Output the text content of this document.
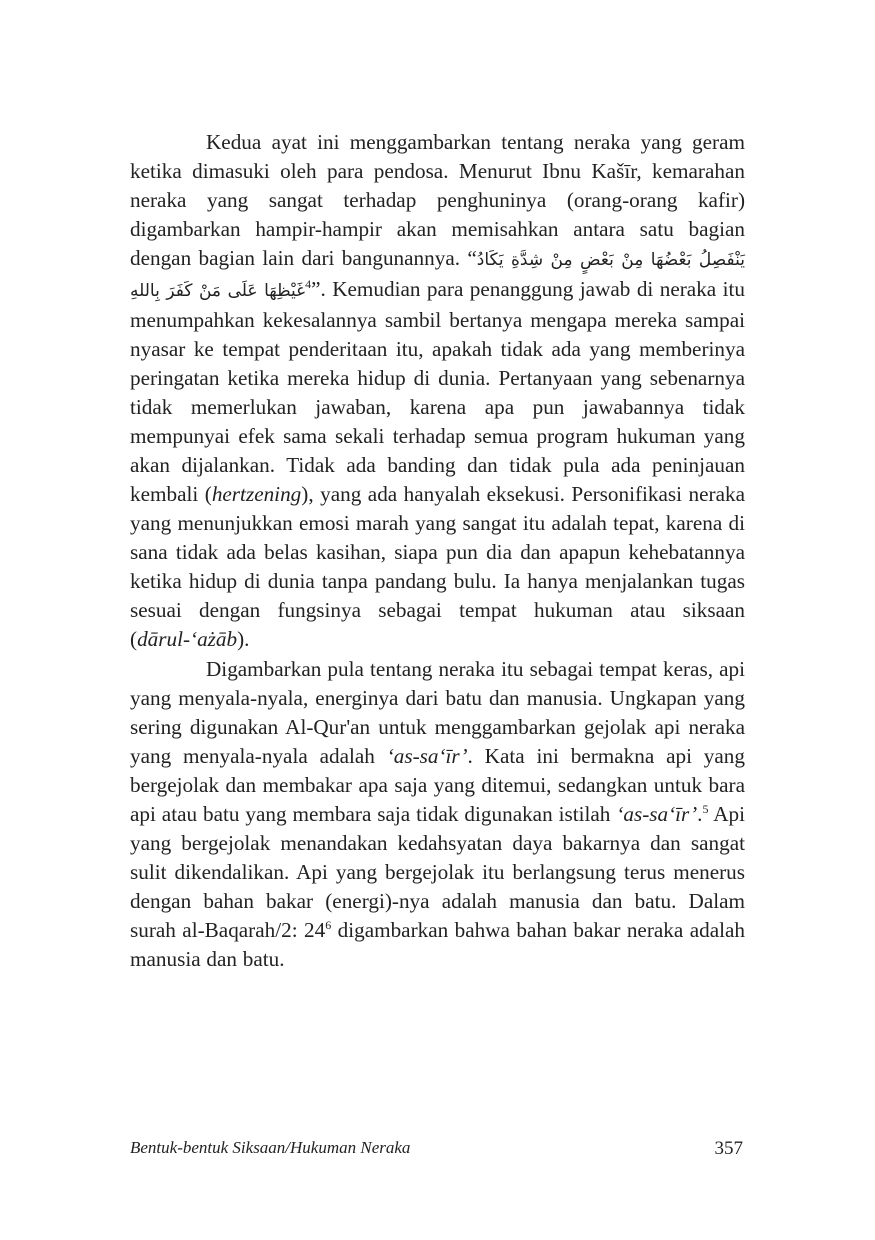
Kedua ayat ini menggambarkan tentang neraka yang geram ketika dimasuki oleh para pendosa. Menurut Ibnu Kašīr, kemarahan neraka yang sangat terhadap penghuninya (orang-orang kafir) digambarkan hampir-hampir akan memisahkan antara satu bagian dengan bagian lain dari bangunannya. “يَكَادُ يَنْفَصِلُ بَعْضُهَا مِنْ بَعْضٍ مِنْ شِدَّةِ غَيْظِهَا عَلَى مَنْ كَفَرَ بِاللهِ$^4$”. Kemudian para penanggung jawab di neraka itu menumpahkan kekesalannya sambil bertanya mengapa mereka sampai nyasar ke tempat penderitaan itu, apakah tidak ada yang memberinya peringatan ketika mereka hidup di dunia. Pertanyaan yang sebenarnya tidak memerlukan jawaban, karena apa pun jawabannya tidak mempunyai efek sama sekali terhadap semua program hukuman yang akan dijalankan. Tidak ada banding dan tidak pula ada peninjauan kembali (hertzening), yang ada hanyalah eksekusi. Personifikasi neraka yang menunjukkan emosi marah yang sangat itu adalah tepat, karena di sana tidak ada belas kasihan, siapa pun dia dan apapun kehebatannya ketika hidup di dunia tanpa pandang bulu. Ia hanya menjalankan tugas sesuai dengan fungsinya sebagai tempat hukuman atau siksaan (dārul-‘ażāb).

Digambarkan pula tentang neraka itu sebagai tempat keras, api yang menyala-nyala, energinya dari batu dan manusia. Ungkapan yang sering digunakan Al-Qur'an untuk menggambarkan gejolak api neraka yang menyala-nyala adalah ‘as-sa‘īr’. Kata ini bermakna api yang bergejolak dan membakar apa saja yang ditemui, sedangkan untuk bara api atau batu yang membara saja tidak digunakan istilah ‘as-sa‘īr’.$^5$ Api yang bergejolak menandakan kedahsyatan daya bakarnya dan sangat sulit dikendalikan. Api yang bergejolak itu berlangsung terus menerus dengan bahan bakar (energi)-nya adalah manusia dan batu. Dalam surah al-Baqarah/2: $24^6$ digambarkan bahwa bahan bakar neraka adalah manusia dan batu.

Bentuk-bentuk Siksaan/Hukuman Neraka	357
